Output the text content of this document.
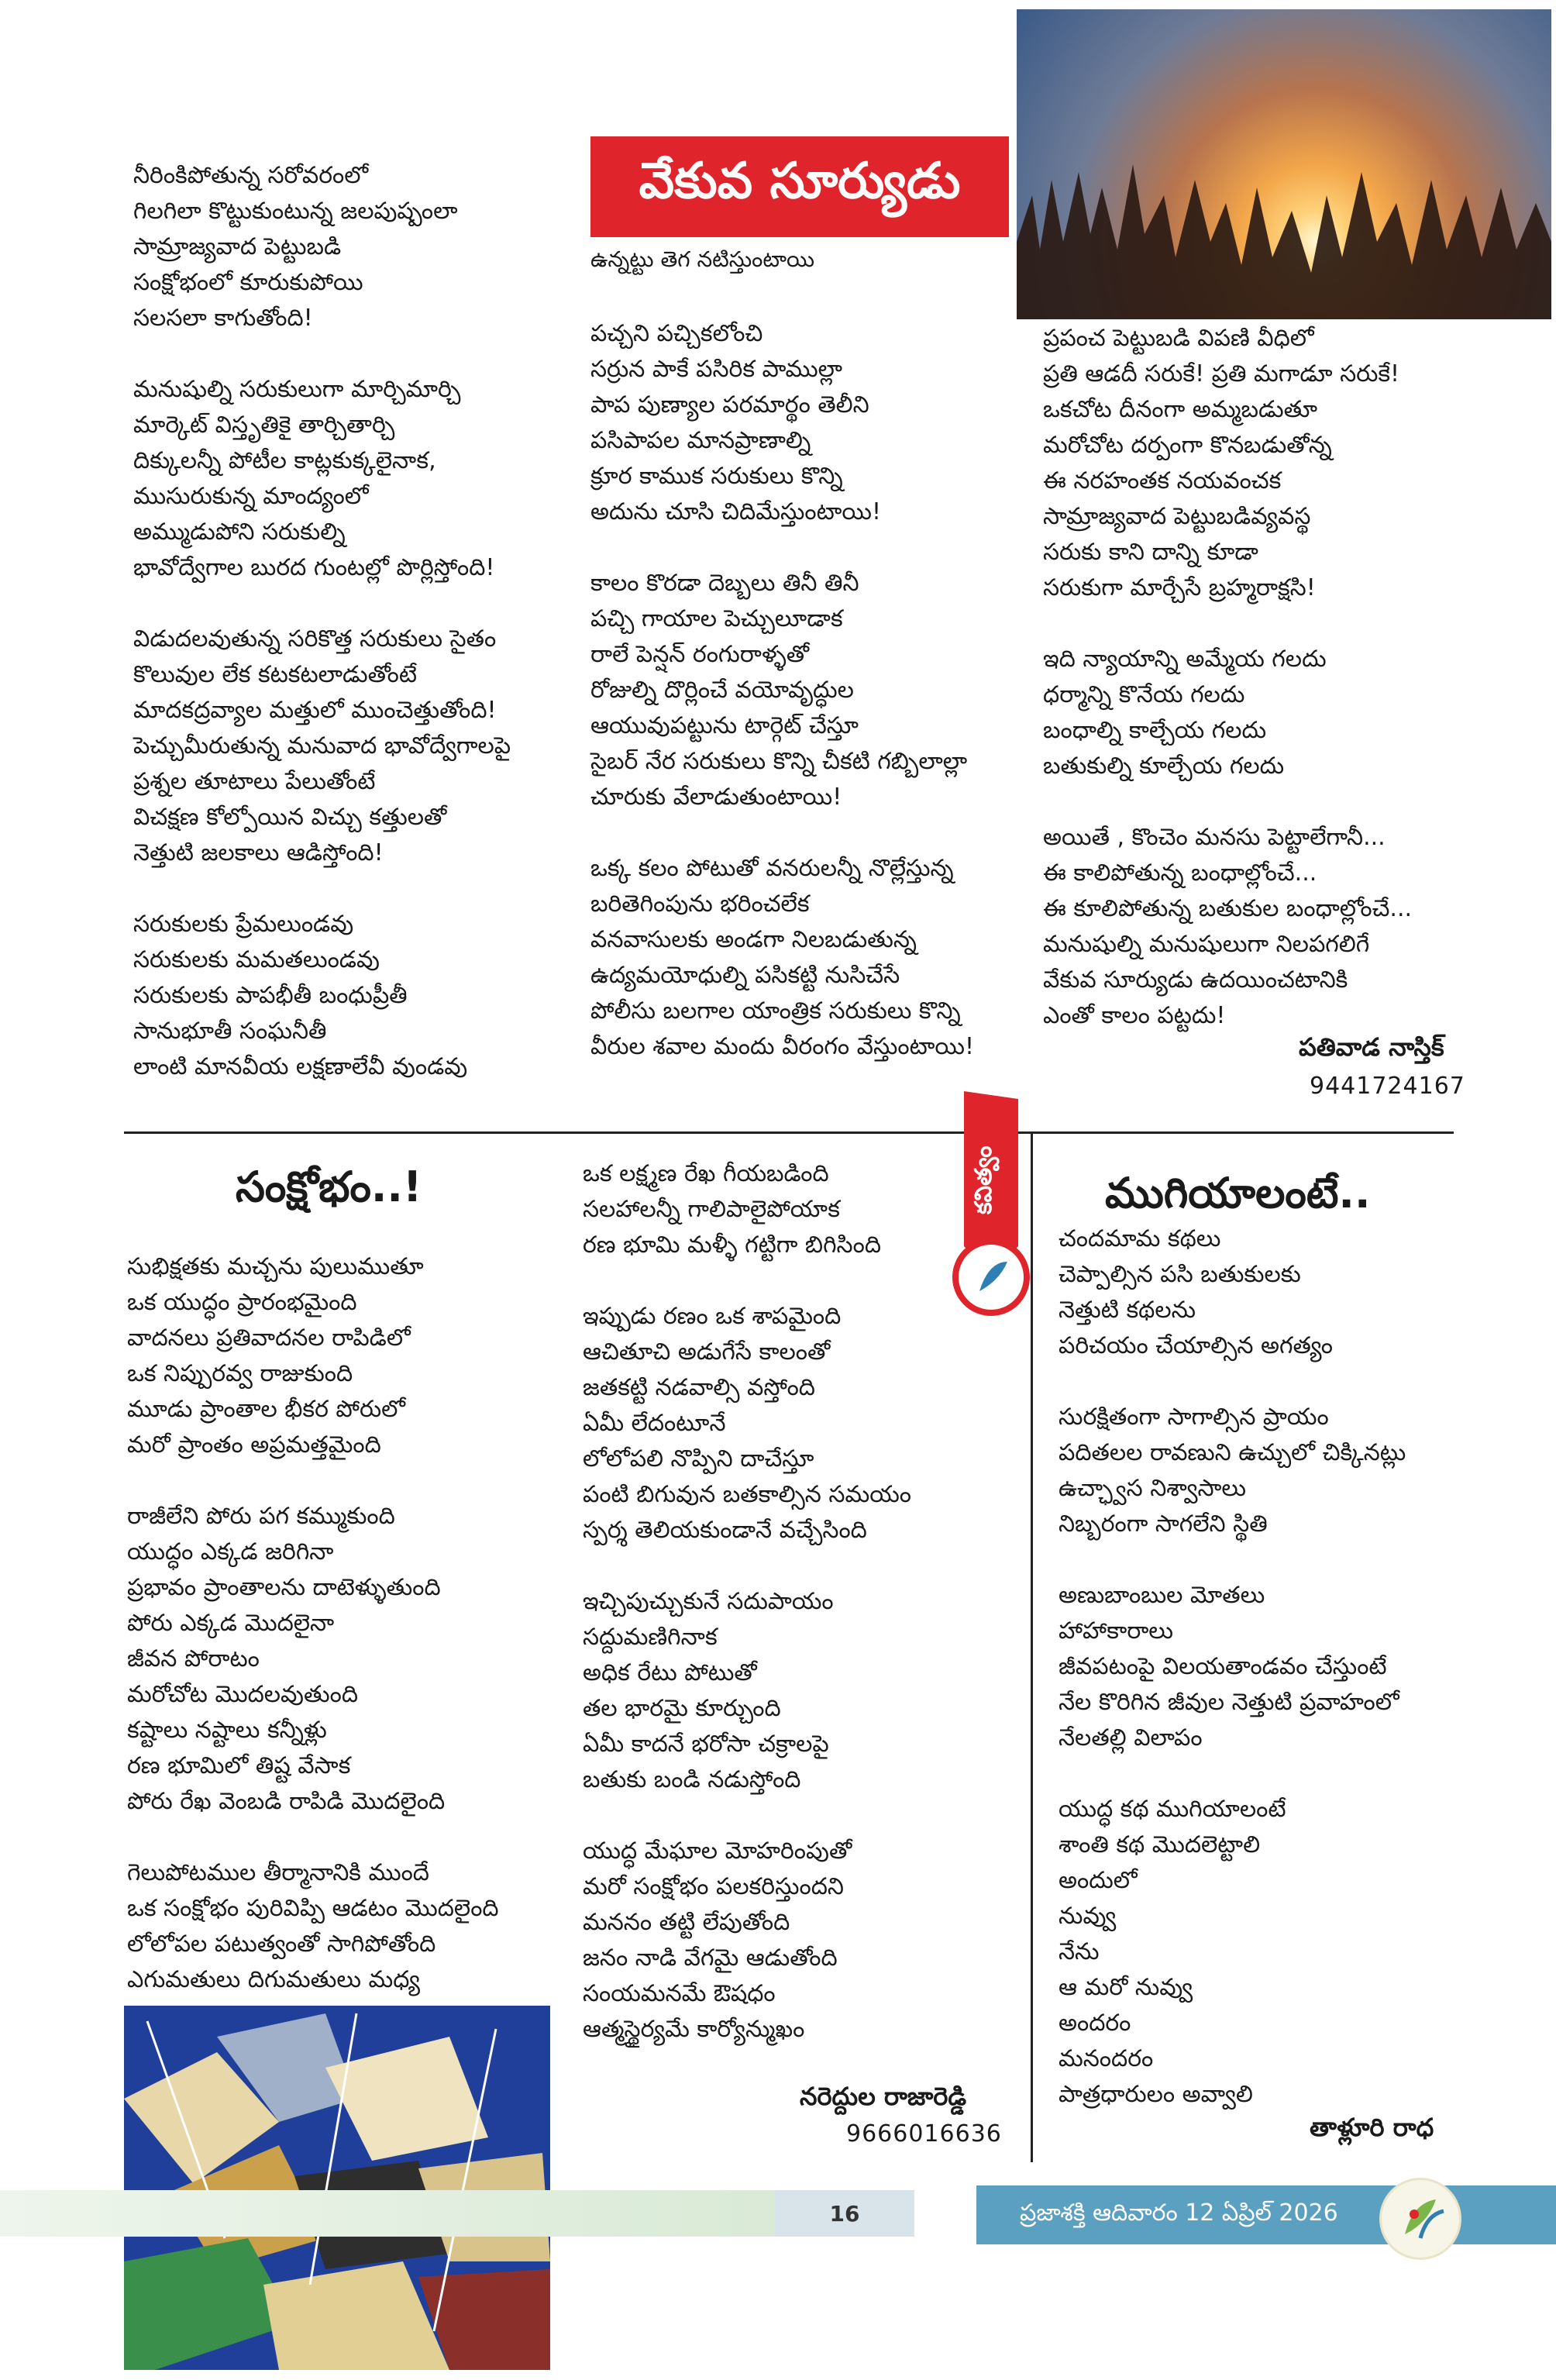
వేకువ సూర్యుడు
ఉన్నట్టు తెగ నటిస్తుంటాయి
నీరింకిపోతున్న సరోవరంలో
గిలగిలా కొట్టుకుంటున్న జలపుష్పంలా
సామ్రాజ్యవాద పెట్టుబడి
సంక్షోభంలో కూరుకుపోయి
సలసలా కాగుతోంది!
మనుషుల్ని సరుకులుగా మార్చిమార్చి
మార్కెట్ విస్తృతికై తార్చితార్చి
దిక్కులన్నీ పోటీల కాట్లకుక్కలైనాక,
ముసురుకున్న మాంద్యంలో
అమ్ముడుపోని సరుకుల్ని
భావోద్వేగాల బురద గుంటల్లో పొర్లిస్తోంది!
విడుదలవుతున్న సరికొత్త సరుకులు సైతం
కొలువుల లేక కటకటలాడుతోంటే
మాదకద్రవ్యాల మత్తులో ముంచెత్తుతోంది!
పెచ్చుమీరుతున్న మనువాద భావోద్వేగాలపై
ప్రశ్నల తూటాలు పేలుతోంటే
విచక్షణ కోల్పోయిన విచ్చు కత్తులతో
నెత్తుటి జలకాలు ఆడిస్తోంది!
సరుకులకు ప్రేమలుండవు
సరుకులకు మమతలుండవు
సరుకులకు పాపభీతీ బంధుప్రీతీ
సానుభూతీ సంఘనీతీ
లాంటి మానవీయ లక్షణాలేవీ వుండవు
పచ్చని పచ్చికలోంచి
సర్రున పాకే పసిరిక పాముల్లా
పాప పుణ్యాల పరమార్థం తెలీని
పసిపాపల మానప్రాణాల్ని
క్రూర కాముక సరుకులు కొన్ని
అదును చూసి చిదిమేస్తుంటాయి!
కాలం కొరడా దెబ్బలు తినీ తినీ
పచ్చి గాయాల పెచ్చులూడాక
రాలే పెన్షన్ రంగురాళ్ళతో
రోజుల్ని దొర్లించే వయోవృద్ధుల
ఆయువుపట్టును టార్గెట్ చేస్తూ
సైబర్ నేర సరుకులు కొన్ని చీకటి గబ్బిలాల్లా
చూరుకు వేలాడుతుంటాయి!
ఒక్క కలం పోటుతో వనరులన్నీ నొల్లేస్తున్న
బరితెగింపును భరించలేక
వనవాసులకు అండగా నిలబడుతున్న
ఉద్యమయోధుల్ని పసికట్టి నుసిచేసే
పోలీసు బలగాల యాంత్రిక సరుకులు కొన్ని
వీరుల శవాల మందు వీరంగం వేస్తుంటాయి!
ప్రపంచ పెట్టుబడి విపణి వీధిలో
ప్రతి ఆడదీ సరుకే! ప్రతి మగాడూ సరుకే!
ఒకచోట దీనంగా అమ్మబడుతూ
మరోచోట దర్పంగా కొనబడుతోన్న
ఈ నరహంతక నయవంచక
సామ్రాజ్యవాద పెట్టుబడివ్యవస్థ
సరుకు కాని దాన్ని కూడా
సరుకుగా మార్చేసే బ్రహ్మరాక్షసి!
ఇది న్యాయాన్ని అమ్మేయ గలదు
ధర్మాన్ని కొనేయ గలదు
బంధాల్ని కాల్చేయ గలదు
బతుకుల్ని కూల్చేయ గలదు
అయితే , కొంచెం మనసు పెట్టాలేగానీ...
ఈ కాలిపోతున్న బంధాల్లోంచే...
ఈ కూలిపోతున్న బతుకుల బంధాల్లోంచే...
మనుషుల్ని మనుషులుగా నిలపగలిగే
వేకువ సూర్యుడు ఉదయించటానికి
ఎంతో కాలం పట్టదు!
పతివాడ నాస్తిక్
9441724167
కవిత్వం
సంక్షోభం..!
సుభిక్షతకు మచ్చను పులుముతూ
ఒక యుద్ధం ప్రారంభమైంది
వాదనలు ప్రతివాదనల రాపిడిలో
ఒక నిప్పురవ్వ రాజుకుంది
మూడు ప్రాంతాల భీకర పోరులో
మరో ప్రాంతం అప్రమత్తమైంది
రాజీలేని పోరు పగ కమ్ముకుంది
యుద్ధం ఎక్కడ జరిగినా
ప్రభావం ప్రాంతాలను దాటెళ్ళుతుంది
పోరు ఎక్కడ మొదలైనా
జీవన పోరాటం
మరోచోట మొదలవుతుంది
కష్టాలు నష్టాలు కన్నీళ్లు
రణ భూమిలో తిష్ట వేసాక
పోరు రేఖ వెంబడి రాపిడి మొదలైంది
గెలుపోటముల తీర్మానానికి ముందే
ఒక సంక్షోభం పురివిప్పి ఆడటం మొదలైంది
లోలోపల పటుత్వంతో సాగిపోతోంది
ఎగుమతులు దిగుమతులు మధ్య
ఒక లక్ష్మణ రేఖ గీయబడింది
సలహాలన్నీ గాలిపాలైపోయాక
రణ భూమి మళ్ళీ గట్టిగా బిగిసింది
ఇప్పుడు రణం ఒక శాపమైంది
ఆచితూచి అడుగేసే కాలంతో
జతకట్టి నడవాల్సి వస్తోంది
ఏమీ లేదంటూనే
లోలోపలి నొప్పిని దాచేస్తూ
పంటి బిగువున బతకాల్సిన సమయం
స్పర్శ తెలియకుండానే వచ్చేసింది
ఇచ్చిపుచ్చుకునే సదుపాయం
సద్దుమణిగినాక
అధిక రేటు పోటుతో
తల భారమై కూర్చుంది
ఏమీ కాదనే భరోసా చక్రాలపై
బతుకు బండి నడుస్తోంది
యుద్ధ మేఘాల మోహరింపుతో
మరో సంక్షోభం పలకరిస్తుందని
మననం తట్టి లేపుతోంది
జనం నాడి వేగమై ఆడుతోంది
సంయమనమే ఔషధం
ఆత్మస్థైర్యమే కార్యోన్ముఖం
నరెద్దుల రాజారెడ్డి
9666016636
ముగియాలంటే..
చందమామ కథలు
చెప్పాల్సిన పసి బతుకులకు
నెత్తుటి కథలను
పరిచయం చేయాల్సిన అగత్యం
సురక్షితంగా సాగాల్సిన ప్రాయం
పదితలల రావణుని ఉచ్చులో చిక్కినట్లు
ఉచ్ఛ్వాస నిశ్వాసాలు
నిబ్బరంగా సాగలేని స్థితి
అణుబాంబుల మోతలు
హాహాకారాలు
జీవపటంపై విలయతాండవం చేస్తుంటే
నేల కొరిగిన జీవుల నెత్తుటి ప్రవాహంలో
నేలతల్లి విలాపం
యుద్ధ కథ ముగియాలంటే
శాంతి కథ మొదలెట్టాలి
అందులో
నువ్వు
నేను
ఆ మరో నువ్వు
అందరం
మనందరం
పాత్రధారులం అవ్వాలి
తాళ్లూరి రాధ
16	ప్రజాశక్తి ఆదివారం 12 ఏప్రిల్ 2026
